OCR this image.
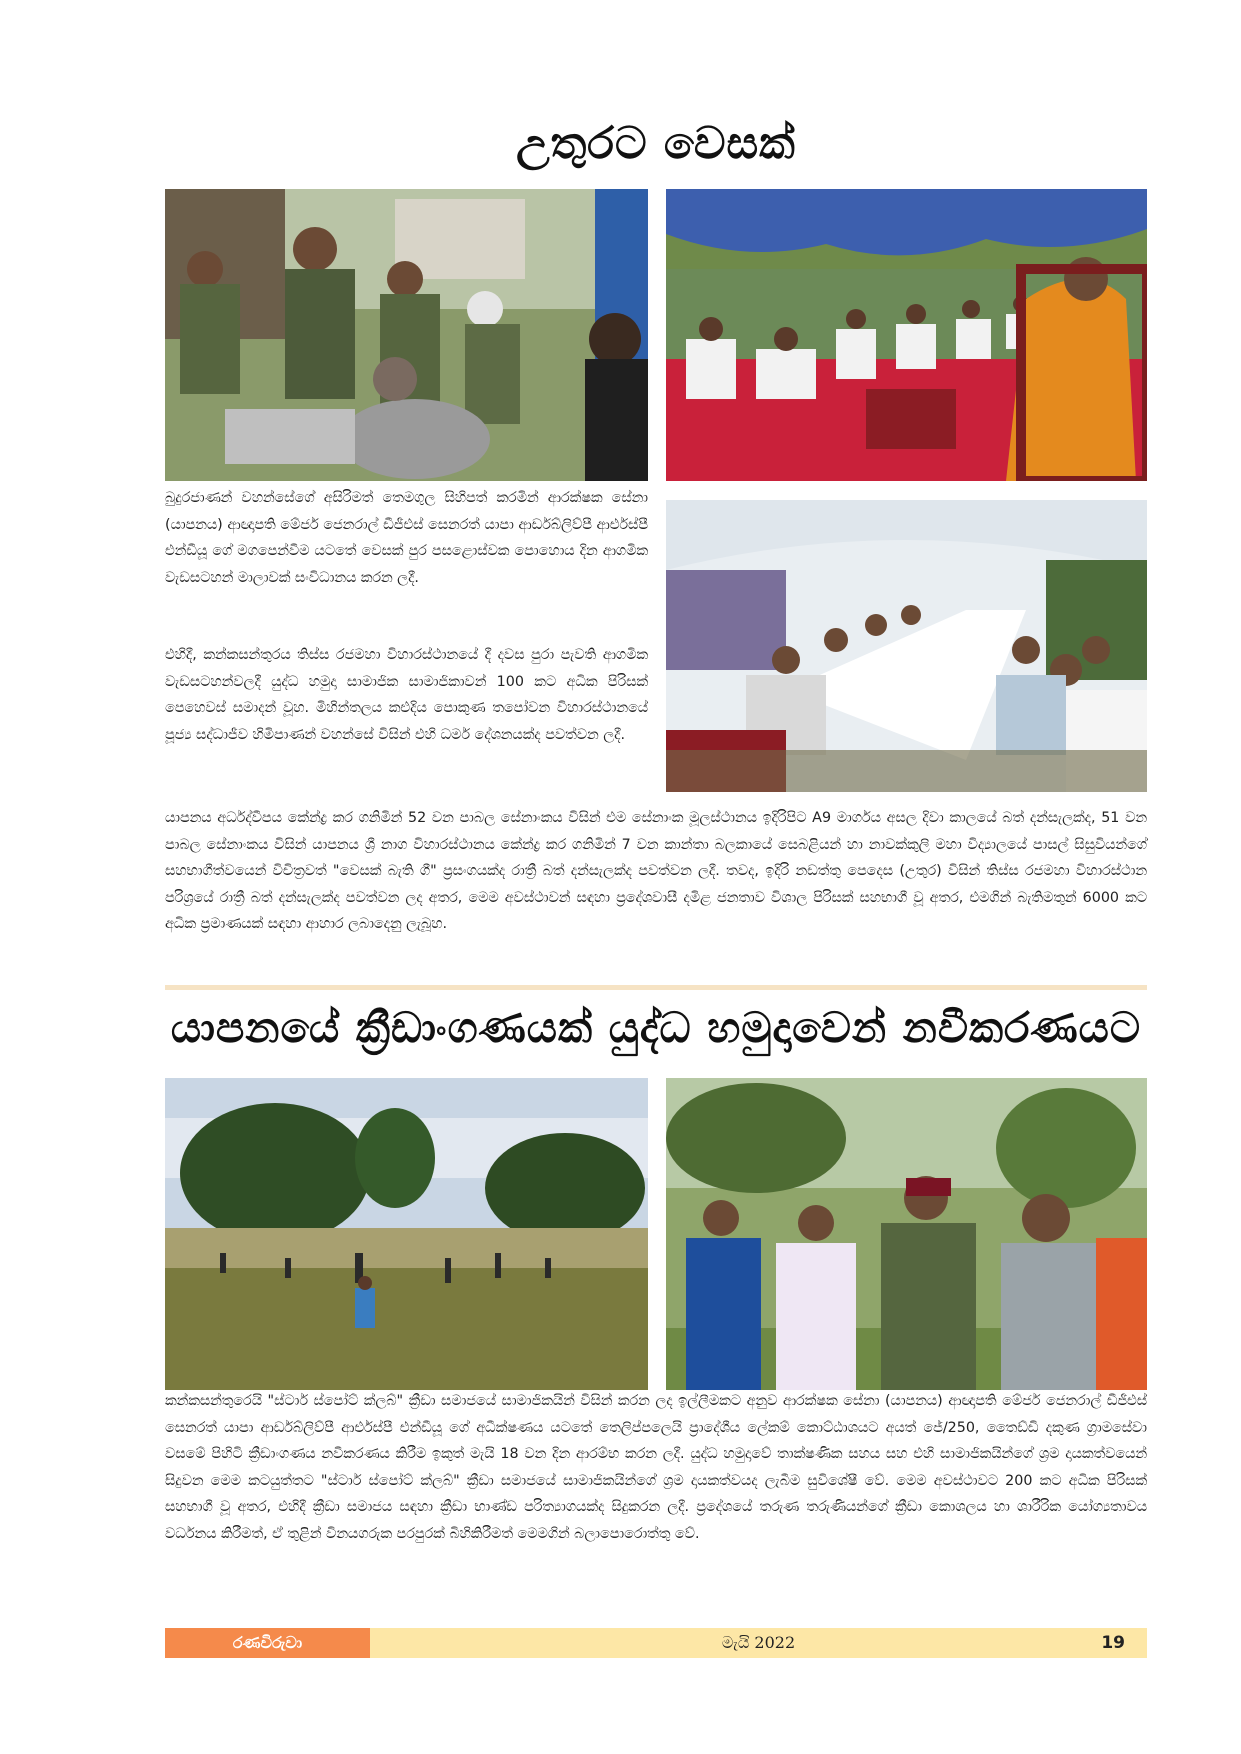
උතුරට වෙසක්
බුදුරජාණන් වහන්සේගේ අසිරිමත් තෙමගුල සිහිපත් කරමින් ආරක්ෂක සේනා (යාපනය) ආඥාපති මේජර් ජෙනරාල් ඩීජීඑස් සෙනරත් යාපා ආර්ඩබ්ලිව්පී ආර්එස්පී එන්ඩීයූ ගේ මගපෙන්වීම යටතේ වෙසක් පුර පසළොස්වක පොහොය දින ආගමික වැඩසටහන් මාලාවක් සංවිධානය කරන ලදී.
එහිදී, කන්කසන්තුරය තිස්ස රජමහා විහාරස්ථානයේ දී දවස පුරා පැවති ආගමික වැඩසටහන්වලදී යුද්ධ හමුදා සාමාජික සාමාජිකාවන් 100 කට අධික පිරිසක් පෙහෙවස් සමාදන් වූහ. මිහින්තලය කළුදිය පොකුණ තපෝවන විහාරස්ථානයේ පූජ්‍ය සද්ධාජීව හිමිපාණන් වහන්සේ විසින් එහි ධර්ම දේශනයක්ද පවත්වන ලදී.
යාපනය අර්ධද්වීපය කේන්ද්‍ර කර ගනිමින් 52 වන පාබල සේනාංකය විසින් එම සේනාංක මූලස්ථානය ඉදිරිපිට A9 මාර්ගය අසල දිවා කාලයේ බත් දන්සැලක්ද, 51 වන පාබල සේනාංකය විසින් යාපනය ශ්‍රී නාග විහාරස්ථානය කේන්ද්‍ර කර ගනිමින් 7 වන කාන්තා බලකායේ සෙබළියන් හා නාවක්කුලි මහා විද්‍යාලයේ පාසල් සිසුවියන්ගේ සහභාගීත්වයෙන් විචිත්‍රවත් "වෙසක් බැති ගී" ප්‍රසංගයක්ද රාත්‍රී බත් දන්සැලක්ද පවත්වන ලදී. තවද, ඉදිරි නඩත්තු පෙදෙස (උතුර) විසින් තිස්ස රජමහා විහාරස්ථාන පරිශ්‍රයේ රාත්‍රී බත් දන්සැලක්ද පවත්වන ලද අතර, මෙම අවස්ථාවන් සඳහා ප්‍රදේශවාසී දමිළ ජනතාව විශාල පිරිසක් සහභාගී වූ අතර, එමගින් බැතිමතුන් 6000 කට අධික ප්‍රමාණයක් සඳහා ආහාර ලබාදෙනු ලැබූහ.
යාපනයේ ක්‍රීඩාංගණයක් යුද්ධ හමුදාවෙන් නවීකරණයට
කන්කසන්තුරෙයි "ස්ටාර් ස්පෝට් ක්ලබ්" ක්‍රීඩා සමාජයේ සාමාජිකයින් විසින් කරන ලද ඉල්ලීමකට අනුව ආරක්ෂක සේනා (යාපනය) ආඥාපති මේජර් ජෙනරාල් ඩීජීඑස් සෙනරත් යාපා ආර්ඩබ්ලිව්පී ආර්එස්පී එන්ඩීයූ ගේ අධීක්ෂණය යටතේ තෙලිප්පලෙයි ප්‍රාදේශීය ලේකම් කොට්ඨාශයට අයත් ජේ/250, තෛඩ්ඩි දකුණ ග්‍රාමසේවා වසමේ පිහිටි ක්‍රීඩාංගණය නවීකරණය කිරීම ඉකුත් මැයි 18 වන දින ආරම්භ කරන ලදී. යුද්ධ හමුදාවේ තාක්ෂණික සහය සහ එහි සාමාජිකයින්ගේ ශ්‍රම දායකත්වයෙන් සිදුවන මෙම කටයුත්තට "ස්ටාර් ස්පෝට් ක්ලබ්" ක්‍රීඩා සමාජයේ සාමාජිකයින්ගේ ශ්‍රම දායකත්වයද ලැබීම සුවිශේෂී වේ. මෙම අවස්ථාවට 200 කට අධික පිරිසක් සහභාගී වූ අතර, එහිදී ක්‍රීඩා සමාජය සඳහා ක්‍රීඩා භාණ්ඩ පරිත්‍යාගයක්ද සිදුකරන ලදී. ප්‍රදේශයේ තරුණ තරුණියන්ගේ ක්‍රීඩා කොශලය හා ශාරීරික යෝග්‍යතාවය වර්ධනය කිරීමත්, ඒ තුළින් විනයගරුක පරපුරක් බිහිකිරීමත් මෙමගින් බලාපොරොත්තු වේ.
රණවිරුවා	මැයි 2022	19
